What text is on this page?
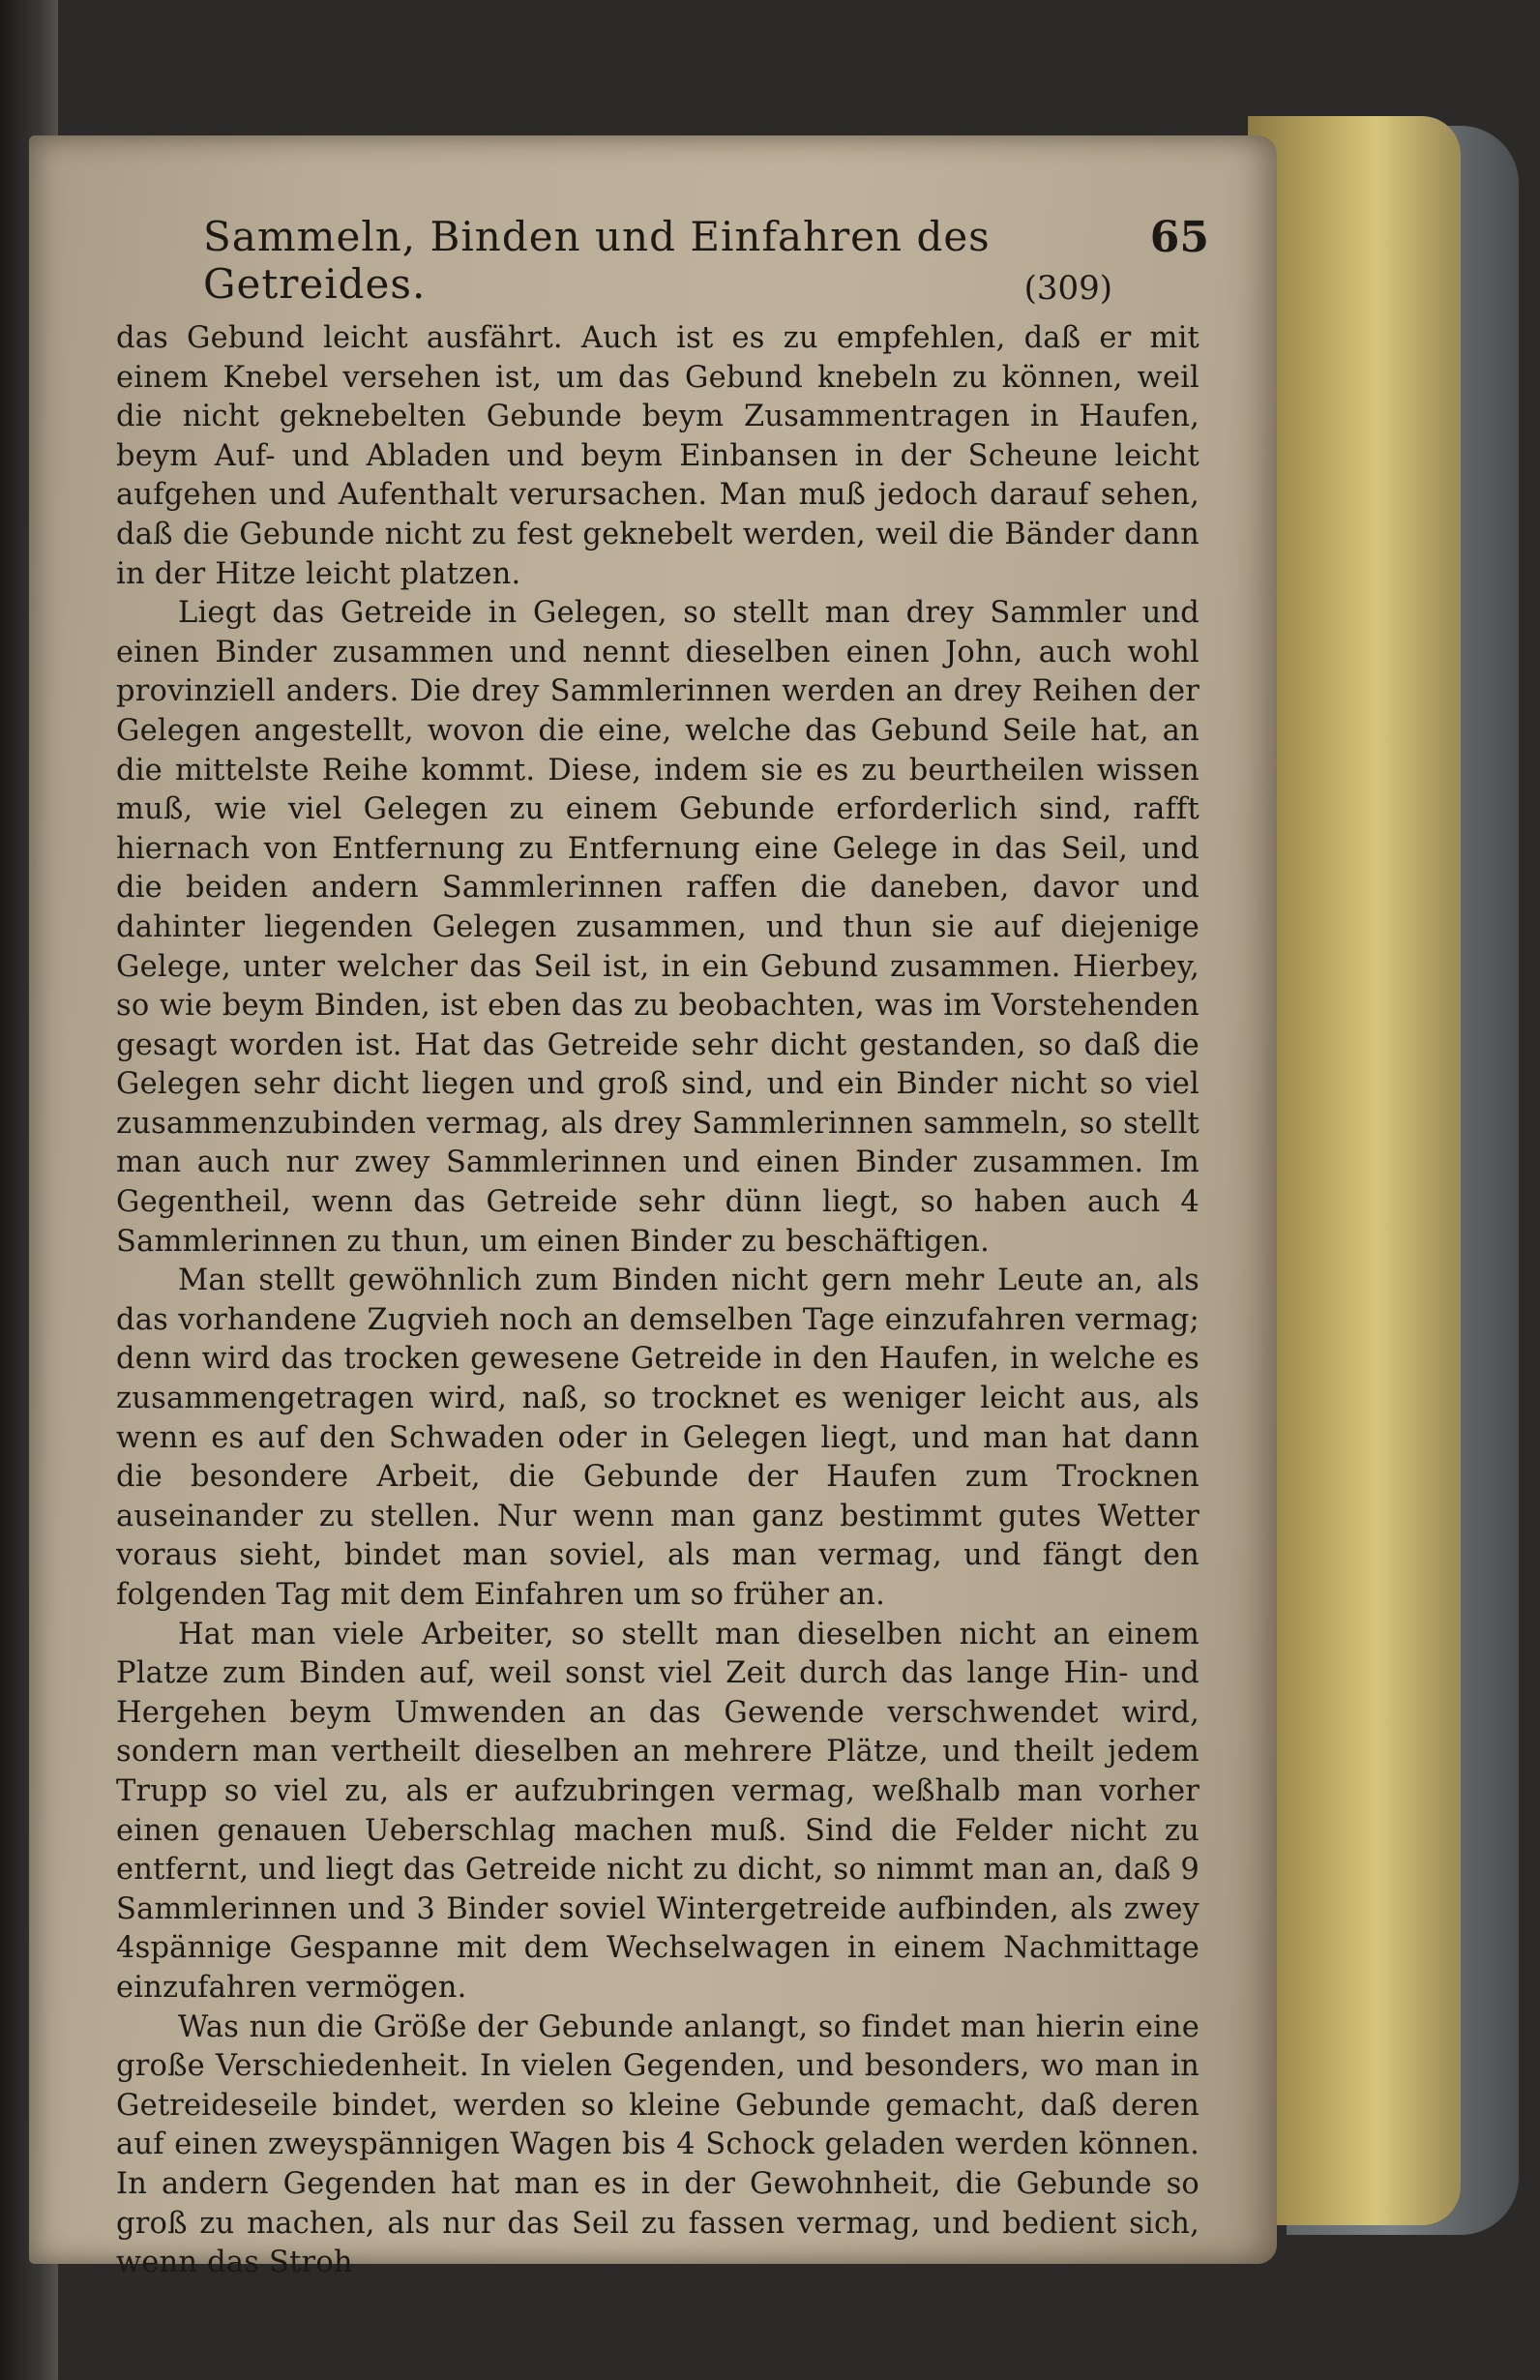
Sammeln, Binden und Einfahren des Getreides.
65
(309)

das Gebund leicht ausfährt. Auch ist es zu empfehlen, daß er mit einem Knebel versehen ist, um das Gebund knebeln zu können, weil die nicht geknebelten Gebunde beym Zusammentragen in Haufen, beym Auf- und Abladen und beym Einbansen in der Scheune leicht aufgehen und Aufenthalt verursachen. Man muß jedoch darauf sehen, daß die Gebunde nicht zu fest geknebelt werden, weil die Bänder dann in der Hitze leicht platzen.

Liegt das Getreide in Gelegen, so stellt man drey Sammler und einen Binder zusammen und nennt dieselben einen John, auch wohl provinziell anders. Die drey Sammlerinnen werden an drey Reihen der Gelegen angestellt, wovon die eine, welche das Gebund Seile hat, an die mittelste Reihe kommt. Diese, indem sie es zu beurtheilen wissen muß, wie viel Gelegen zu einem Gebunde erforderlich sind, rafft hiernach von Entfernung zu Entfernung eine Gelege in das Seil, und die beiden andern Sammlerinnen raffen die daneben, davor und dahinter liegenden Gelegen zusammen, und thun sie auf diejenige Gelege, unter welcher das Seil ist, in ein Gebund zusammen. Hierbey, so wie beym Binden, ist eben das zu beobachten, was im Vorstehenden gesagt worden ist. Hat das Getreide sehr dicht gestanden, so daß die Gelegen sehr dicht liegen und groß sind, und ein Binder nicht so viel zusammenzubinden vermag, als drey Sammlerinnen sammeln, so stellt man auch nur zwey Sammlerinnen und einen Binder zusammen. Im Gegentheil, wenn das Getreide sehr dünn liegt, so haben auch 4 Sammlerinnen zu thun, um einen Binder zu beschäftigen.

Man stellt gewöhnlich zum Binden nicht gern mehr Leute an, als das vorhandene Zugvieh noch an demselben Tage einzufahren vermag; denn wird das trocken gewesene Getreide in den Haufen, in welche es zusammengetragen wird, naß, so trocknet es weniger leicht aus, als wenn es auf den Schwaden oder in Gelegen liegt, und man hat dann die besondere Arbeit, die Gebunde der Haufen zum Trocknen auseinander zu stellen. Nur wenn man ganz bestimmt gutes Wetter voraus sieht, bindet man soviel, als man vermag, und fängt den folgenden Tag mit dem Einfahren um so früher an.

Hat man viele Arbeiter, so stellt man dieselben nicht an einem Platze zum Binden auf, weil sonst viel Zeit durch das lange Hin- und Hergehen beym Umwenden an das Gewende verschwendet wird, sondern man vertheilt dieselben an mehrere Plätze, und theilt jedem Trupp so viel zu, als er aufzubringen vermag, weßhalb man vorher einen genauen Ueberschlag machen muß. Sind die Felder nicht zu entfernt, und liegt das Getreide nicht zu dicht, so nimmt man an, daß 9 Sammlerinnen und 3 Binder soviel Wintergetreide aufbinden, als zwey 4spännige Gespanne mit dem Wechselwagen in einem Nachmittage einzufahren vermögen.

Was nun die Größe der Gebunde anlangt, so findet man hierin eine große Verschiedenheit. In vielen Gegenden, und besonders, wo man in Getreideseile bindet, werden so kleine Gebunde gemacht, daß deren auf einen zweyspännigen Wagen bis 4 Schock geladen werden können. In andern Gegenden hat man es in der Gewohnheit, die Gebunde so groß zu machen, als nur das Seil zu fassen vermag, und bedient sich, wenn das Stroh
